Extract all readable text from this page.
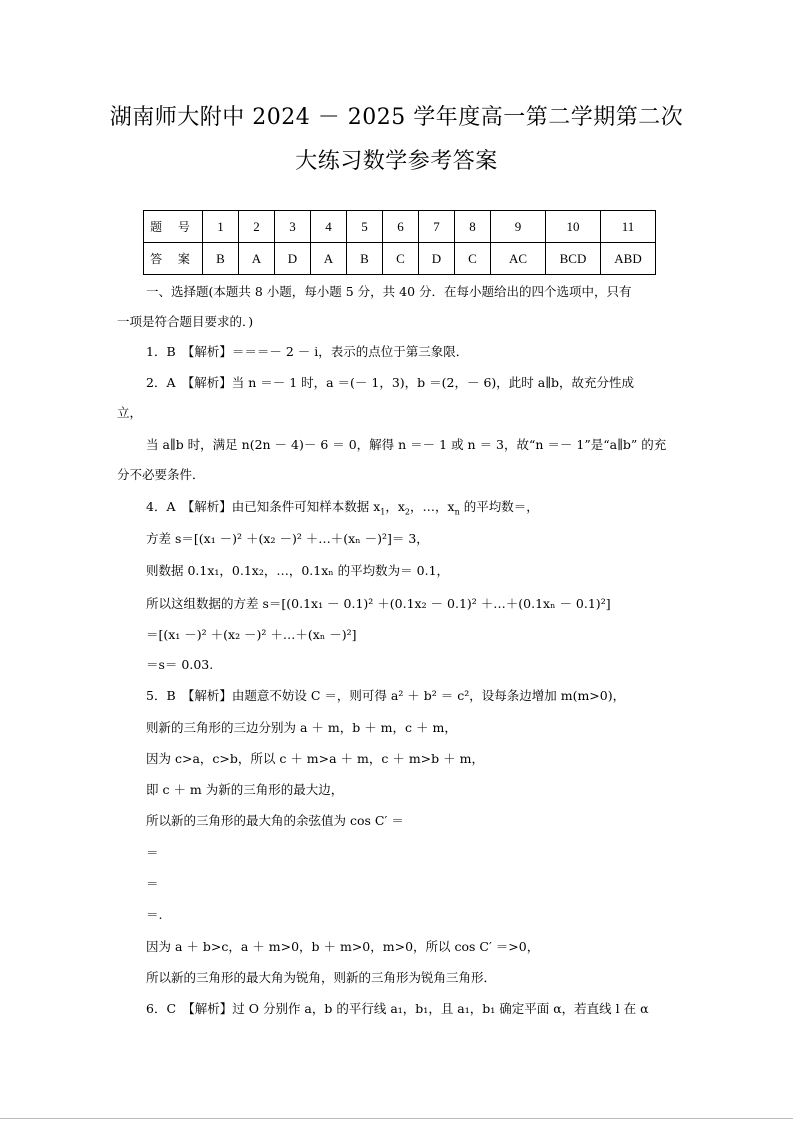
湖南师大附中 2024 － 2025 学年度高一第二学期第二次
大练习数学参考答案
题 号	1	2	3	4	5	6	7	8	9	10	11
答 案	B	A	D	A	B	C	D	C	AC	BCD	ABD
一、选择题(本题共 8 小题，每小题 5 分，共 40 分．在每小题给出的四个选项中，只有
一项是符合题目要求的．)
1．B　【解析】＝＝＝－ 2 － i，表示的点位于第三象限．
2．A　【解析】当 n ＝－ 1 时，a ＝(－ 1，3)，b ＝(2，－ 6)，此时 a∥b，故充分性成
立，
当 a∥b 时，满足 n(2n － 4)－ 6 ＝ 0，解得 n ＝－ 1 或 n ＝ 3，故“n ＝－ 1”是“a∥b” 的充
分不必要条件．
4．A　【解析】由已知条件可知样本数据 $x_1$，$x_2$，…，$x_n$ 的平均数＝，
方差 s＝[(x₁ －)² ＋(x₂ －)² ＋…＋(xₙ －)²]＝ 3，
则数据 0.1x₁，0.1x₂，…，0.1xₙ 的平均数为＝ 0.1，
所以这组数据的方差 s＝[(0.1x₁ － 0.1)² ＋(0.1x₂ － 0.1)² ＋…＋(0.1xₙ － 0.1)²]
＝[(x₁ －)² ＋(x₂ －)² ＋…＋(xₙ －)²]
＝s＝ 0.03.
5．B　【解析】由题意不妨设 C ＝，则可得 a² ＋ b² ＝ c²，设每条边增加 m(m>0)，
则新的三角形的三边分别为 a ＋ m，b ＋ m，c ＋ m，
因为 c>a，c>b，所以 c ＋ m>a ＋ m，c ＋ m>b ＋ m，
即 c ＋ m 为新的三角形的最大边，
所以新的三角形的最大角的余弦值为 cos C′ ＝
＝
＝
＝.
因为 a ＋ b>c，a ＋ m>0，b ＋ m>0，m>0，所以 cos C′ ＝>0，
所以新的三角形的最大角为锐角，则新的三角形为锐角三角形．
6．C　【解析】过 O 分别作 a，b 的平行线 a₁，b₁，且 a₁，b₁ 确定平面 α，若直线 l 在 α
